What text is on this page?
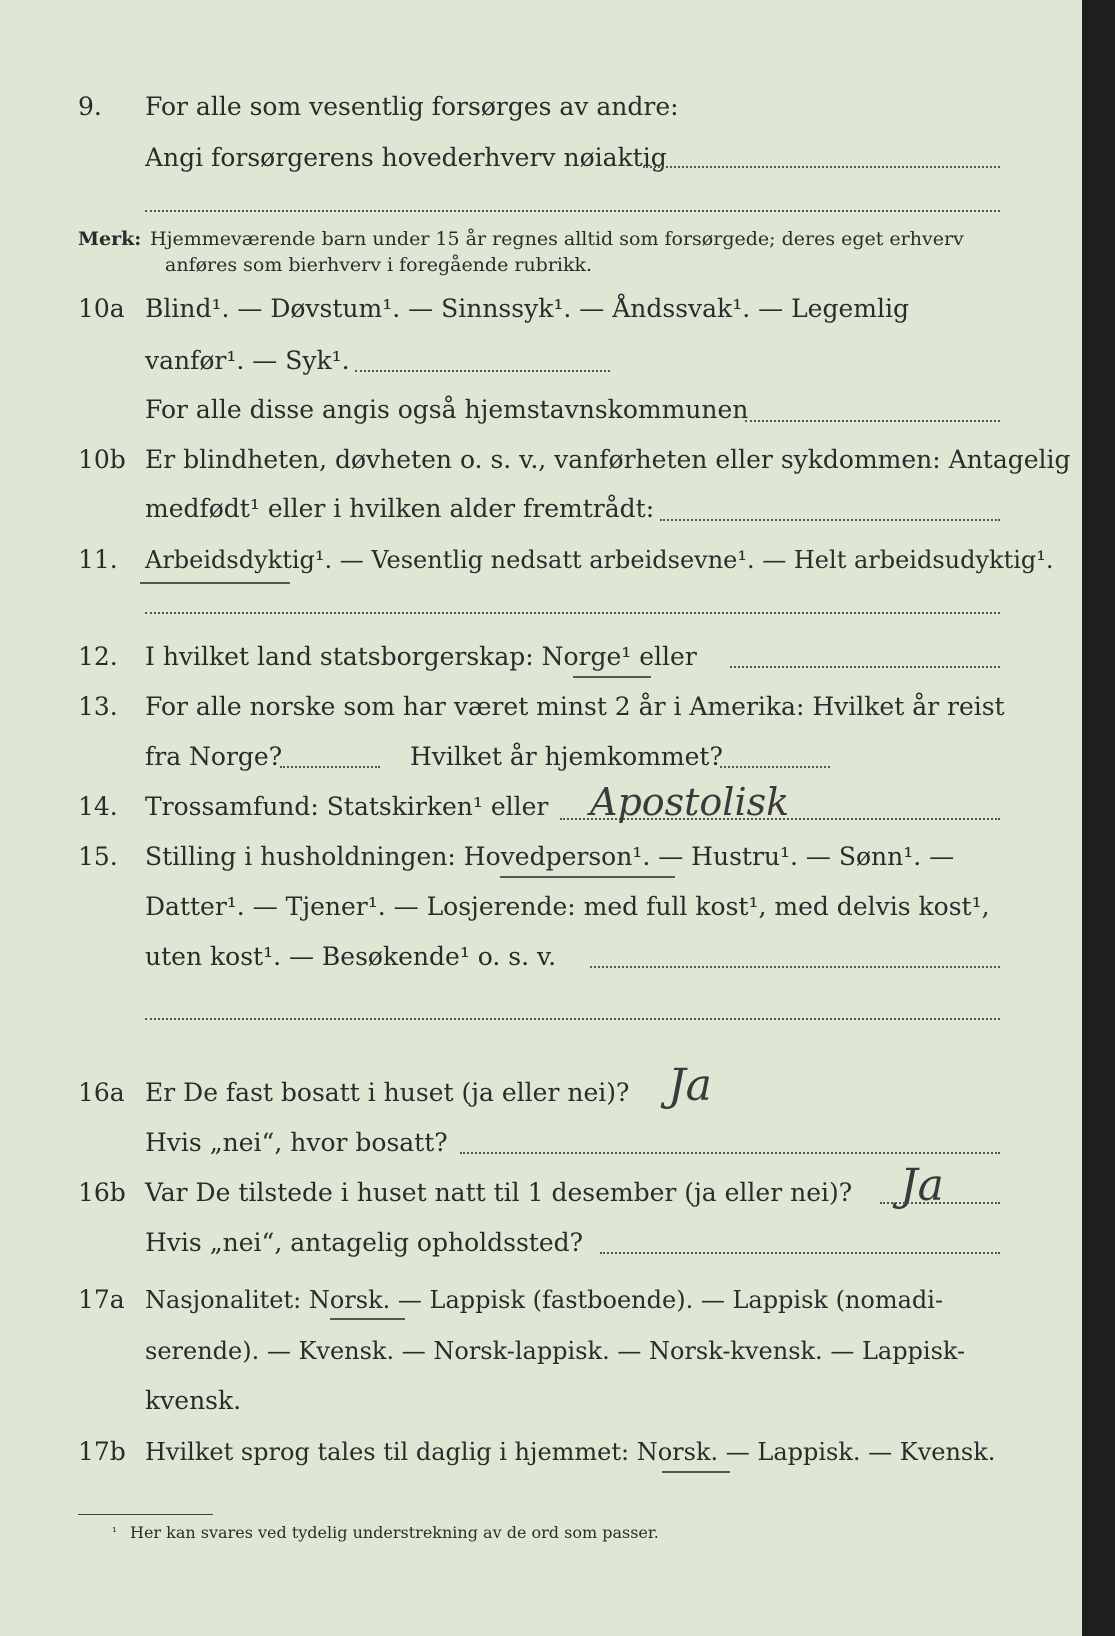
9. For alle som vesentlig forsørges av andre:
Angi forsørgerens hovederhverv nøiaktig
Merk: Hjemmeværende barn under 15 år regnes alltid som forsørgede; deres eget erhverv
anføres som bierhverv i foregående rubrikk.
10a Blind¹. — Døvstum¹. — Sinnssyk¹. — Åndssvak¹. — Legemlig
vanfør¹. — Syk¹.
For alle disse angis også hjemstavnskommunen
10b Er blindheten, døvheten o. s. v., vanførheten eller sykdommen: Antagelig
medfødt¹ eller i hvilken alder fremtrådt:
11. Arbeidsdyktig¹. — Vesentlig nedsatt arbeidsevne¹. — Helt arbeidsudyktig¹.
12. I hvilket land statsborgerskap: Norge¹ eller
13. For alle norske som har været minst 2 år i Amerika: Hvilket år reist
fra Norge?	Hvilket år hjemkommet?
14. Trossamfund: Statskirken¹ eller Apostolisk
15. Stilling i husholdningen: Hovedperson¹. — Hustru¹. — Sønn¹. —
Datter¹. — Tjener¹. — Losjerende: med full kost¹, med delvis kost¹,
uten kost¹. — Besøkende¹ o. s. v.
16a Er De fast bosatt i huset (ja eller nei)? Ja
Hvis „nei“, hvor bosatt?
16b Var De tilstede i huset natt til 1 desember (ja eller nei)? Ja
Hvis „nei“, antagelig opholdssted?
17a Nasjonalitet: Norsk. — Lappisk (fastboende). — Lappisk (nomadi-
serende). — Kvensk. — Norsk-lappisk. — Norsk-kvensk. — Lappisk-
kvensk.
17b Hvilket sprog tales til daglig i hjemmet: Norsk. — Lappisk. — Kvensk.
¹ Her kan svares ved tydelig understrekning av de ord som passer.
